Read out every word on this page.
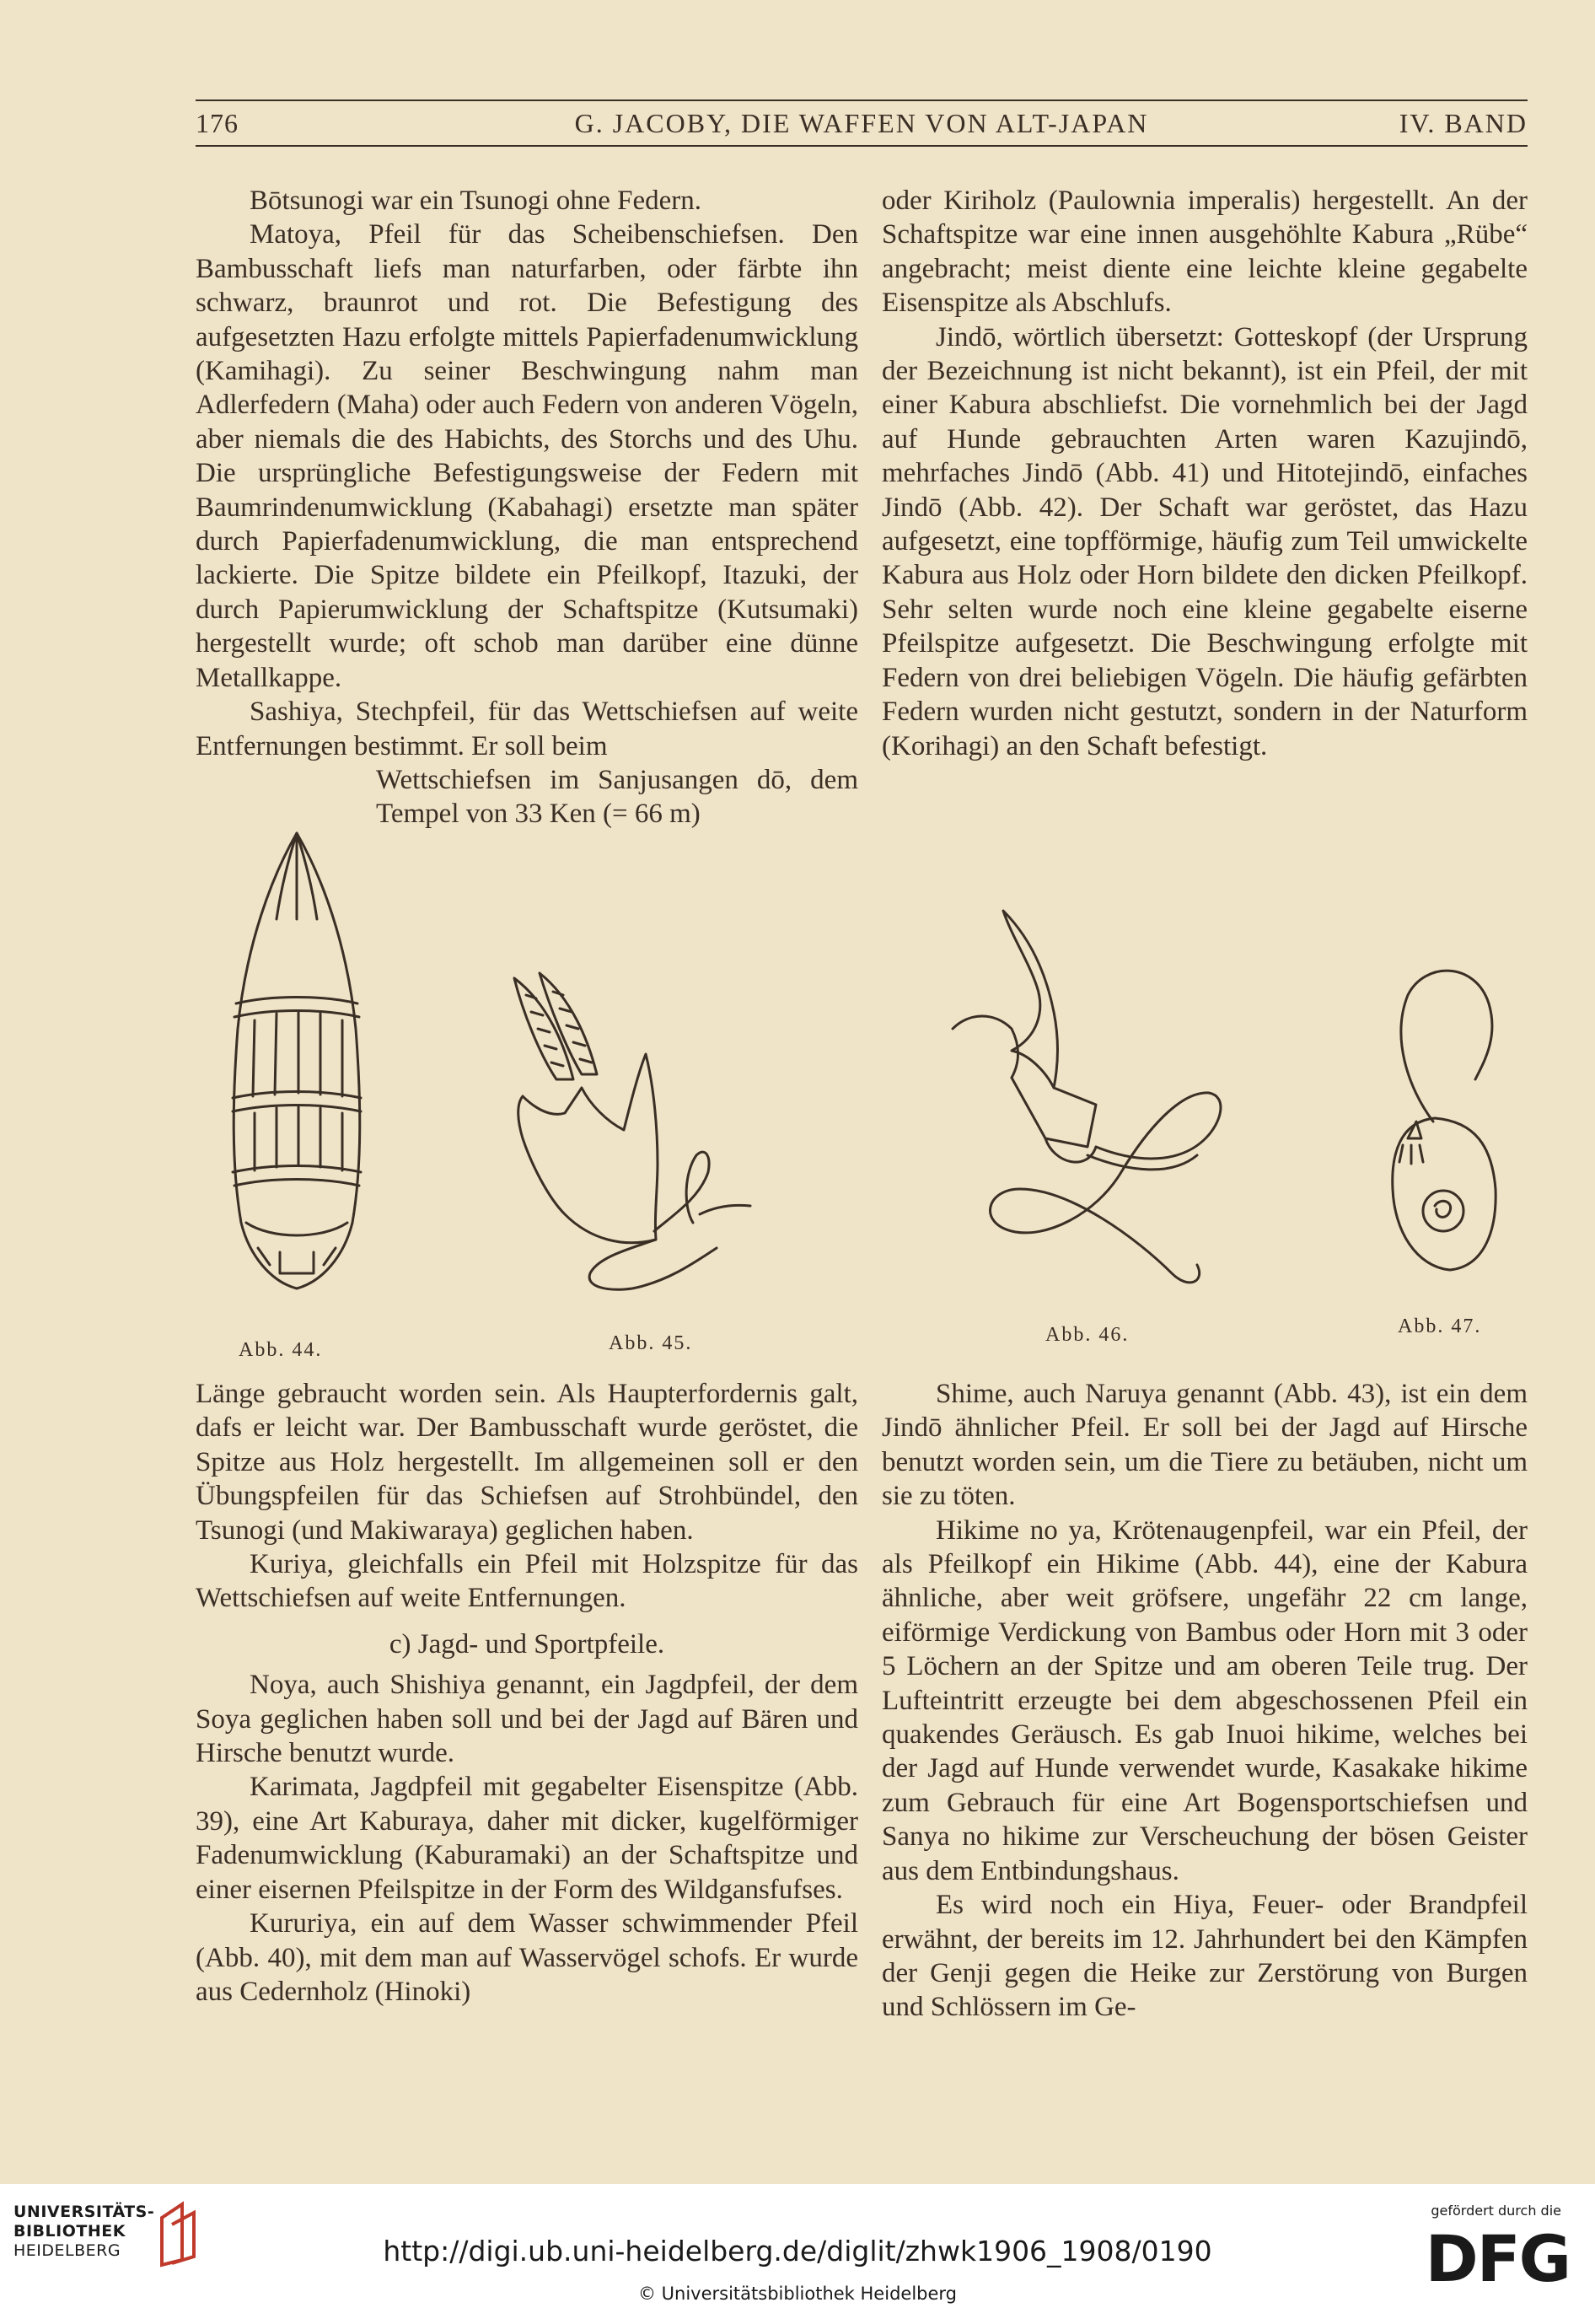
176	G. JACOBY, DIE WAFFEN VON ALT-JAPAN	IV. BAND

Bōtsunogi war ein Tsunogi ohne Federn.

Matoya, Pfeil für das Scheibenschiefsen. Den Bambusschaft liefs man naturfarben, oder färbte ihn schwarz, braunrot und rot. Die Befestigung des aufgesetzten Hazu erfolgte mittels Papierfadenumwicklung (Kamihagi). Zu seiner Beschwingung nahm man Adlerfedern (Maha) oder auch Federn von anderen Vögeln, aber niemals die des Habichts, des Storchs und des Uhu. Die ursprüngliche Befestigungsweise der Federn mit Baumrindenumwicklung (Kabahagi) ersetzte man später durch Papierfadenumwicklung, die man entsprechend lackierte. Die Spitze bildete ein Pfeilkopf, Itazuki, der durch Papierumwicklung der Schaftspitze (Kutsumaki) hergestellt wurde; oft schob man darüber eine dünne Metallkappe.

Sashiya, Stechpfeil, für das Wettschiefsen auf weite Entfernungen bestimmt. Er soll beim

Wettschiefsen im Sanjusangen dō, dem Tempel von 33 Ken (= 66 m)

oder Kiriholz (Paulownia imperalis) hergestellt. An der Schaftspitze war eine innen ausgehöhlte Kabura „Rübe“ angebracht; meist diente eine leichte kleine gegabelte Eisenspitze als Abschlufs.

Jindō, wörtlich übersetzt: Gotteskopf (der Ursprung der Bezeichnung ist nicht bekannt), ist ein Pfeil, der mit einer Kabura abschliefst. Die vornehmlich bei der Jagd auf Hunde gebrauchten Arten waren Kazujindō, mehrfaches Jindō (Abb. 41) und Hitotejindō, einfaches Jindō (Abb. 42). Der Schaft war geröstet, das Hazu aufgesetzt, eine topfförmige, häufig zum Teil umwickelte Kabura aus Holz oder Horn bildete den dicken Pfeilkopf. Sehr selten wurde noch eine kleine gegabelte eiserne Pfeilspitze aufgesetzt. Die Beschwingung erfolgte mit Federn von drei beliebigen Vögeln. Die häufig gefärbten Federn wurden nicht gestutzt, sondern in der Naturform (Korihagi) an den Schaft befestigt.

Abb. 44.	Abb. 45.	Abb. 46.	Abb. 47.

Länge gebraucht worden sein. Als Haupterfordernis galt, dafs er leicht war. Der Bambusschaft wurde geröstet, die Spitze aus Holz hergestellt. Im allgemeinen soll er den Übungspfeilen für das Schiefsen auf Strohbündel, den Tsunogi (und Makiwaraya) geglichen haben.

Kuriya, gleichfalls ein Pfeil mit Holzspitze für das Wettschiefsen auf weite Entfernungen.

c) Jagd- und Sportpfeile.

Noya, auch Shishiya genannt, ein Jagdpfeil, der dem Soya geglichen haben soll und bei der Jagd auf Bären und Hirsche benutzt wurde.

Karimata, Jagdpfeil mit gegabelter Eisenspitze (Abb. 39), eine Art Kaburaya, daher mit dicker, kugelförmiger Fadenumwicklung (Kaburamaki) an der Schaftspitze und einer eisernen Pfeilspitze in der Form des Wildgansfufses.

Kururiya, ein auf dem Wasser schwimmender Pfeil (Abb. 40), mit dem man auf Wasservögel schofs. Er wurde aus Cedernholz (Hinoki)

Shime, auch Naruya genannt (Abb. 43), ist ein dem Jindō ähnlicher Pfeil. Er soll bei der Jagd auf Hirsche benutzt worden sein, um die Tiere zu betäuben, nicht um sie zu töten.

Hikime no ya, Krötenaugenpfeil, war ein Pfeil, der als Pfeilkopf ein Hikime (Abb. 44), eine der Kabura ähnliche, aber weit gröfsere, ungefähr 22 cm lange, eiförmige Verdickung von Bambus oder Horn mit 3 oder 5 Löchern an der Spitze und am oberen Teile trug. Der Lufteintritt erzeugte bei dem abgeschossenen Pfeil ein quakendes Geräusch. Es gab Inuoi hikime, welches bei der Jagd auf Hunde verwendet wurde, Kasakake hikime zum Gebrauch für eine Art Bogensportschiefsen und Sanya no hikime zur Verscheuchung der bösen Geister aus dem Entbindungshaus.

Es wird noch ein Hiya, Feuer- oder Brandpfeil erwähnt, der bereits im 12. Jahrhundert bei den Kämpfen der Genji gegen die Heike zur Zerstörung von Burgen und Schlössern im Ge-

UNIVERSITÄTS-
BIBLIOTHEK
HEIDELBERG	http://digi.ub.uni-heidelberg.de/diglit/zhwk1906_1908/0190
© Universitätsbibliothek Heidelberg
gefördert durch die
DFG
